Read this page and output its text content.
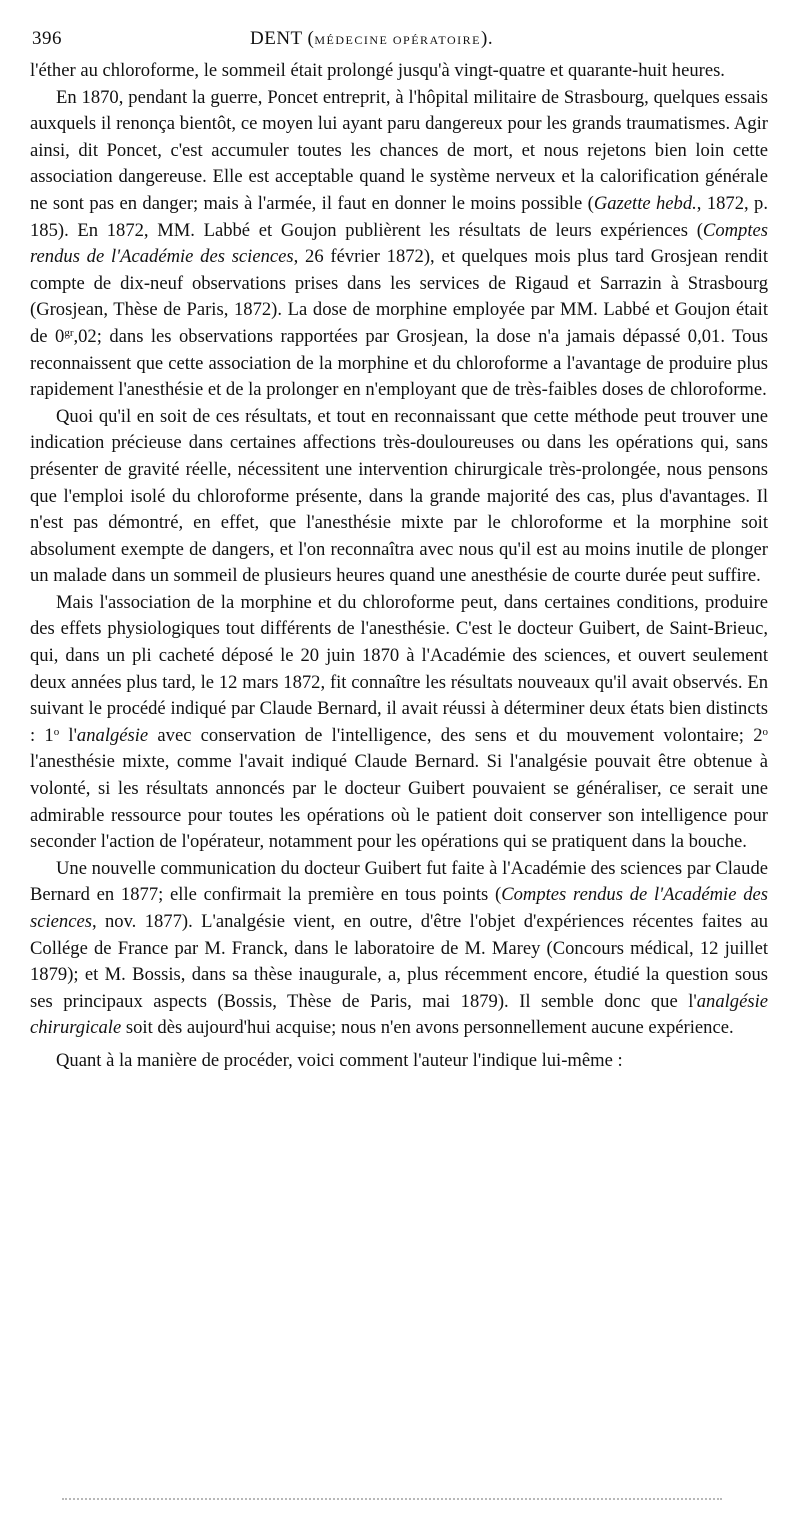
396	DENT (MÉDECINE OPÉRATOIRE).

l'éther au chloroforme, le sommeil était prolongé jusqu'à vingt-quatre et quarante-huit heures.

En 1870, pendant la guerre, Poncet entreprit, à l'hôpital militaire de Strasbourg, quelques essais auxquels il renonça bientôt, ce moyen lui ayant paru dangereux pour les grands traumatismes. Agir ainsi, dit Poncet, c'est accumuler toutes les chances de mort, et nous rejetons bien loin cette association dangereuse. Elle est acceptable quand le système nerveux et la calorification générale ne sont pas en danger; mais à l'armée, il faut en donner le moins possible (Gazette hebd., 1872, p. 185). En 1872, MM. Labbé et Goujon publièrent les résultats de leurs expériences (Comptes rendus de l'Académie des sciences, 26 février 1872), et quelques mois plus tard Grosjean rendit compte de dix-neuf observations prises dans les services de Rigaud et Sarrazin à Strasbourg (Grosjean, Thèse de Paris, 1872). La dose de morphine employée par MM. Labbé et Goujon était de $0^{gr},02$; dans les observations rapportées par Grosjean, la dose n'a jamais dépassé 0,01. Tous reconnaissent que cette association de la morphine et du chloroforme a l'avantage de produire plus rapidement l'anesthésie et de la prolonger en n'employant que de très-faibles doses de chloroforme.

Quoi qu'il en soit de ces résultats, et tout en reconnaissant que cette méthode peut trouver une indication précieuse dans certaines affections très-douloureuses ou dans les opérations qui, sans présenter de gravité réelle, nécessitent une intervention chirurgicale très-prolongée, nous pensons que l'emploi isolé du chloroforme présente, dans la grande majorité des cas, plus d'avantages. Il n'est pas démontré, en effet, que l'anesthésie mixte par le chloroforme et la morphine soit absolument exempte de dangers, et l'on reconnaîtra avec nous qu'il est au moins inutile de plonger un malade dans un sommeil de plusieurs heures quand une anesthésie de courte durée peut suffire.

Mais l'association de la morphine et du chloroforme peut, dans certaines conditions, produire des effets physiologiques tout différents de l'anesthésie. C'est le docteur Guibert, de Saint-Brieuc, qui, dans un pli cacheté déposé le 20 juin 1870 à l'Académie des sciences, et ouvert seulement deux années plus tard, le 12 mars 1872, fit connaître les résultats nouveaux qu'il avait observés. En suivant le procédé indiqué par Claude Bernard, il avait réussi à déterminer deux états bien distincts : 1$^o$ l'analgésie avec conservation de l'intelligence, des sens et du mouvement volontaire; 2$^o$ l'anesthésie mixte, comme l'avait indiqué Claude Bernard. Si l'analgésie pouvait être obtenue à volonté, si les résultats annoncés par le docteur Guibert pouvaient se généraliser, ce serait une admirable ressource pour toutes les opérations où le patient doit conserver son intelligence pour seconder l'action de l'opérateur, notamment pour les opérations qui se pratiquent dans la bouche.

Une nouvelle communication du docteur Guibert fut faite à l'Académie des sciences par Claude Bernard en 1877; elle confirmait la première en tous points (Comptes rendus de l'Académie des sciences, nov. 1877). L'analgésie vient, en outre, d'être l'objet d'expériences récentes faites au Collége de France par M. Franck, dans le laboratoire de M. Marey (Concours médical, 12 juillet 1879); et M. Bossis, dans sa thèse inaugurale, a, plus récemment encore, étudié la question sous ses principaux aspects (Bossis, Thèse de Paris, mai 1879). Il semble donc que l'analgésie chirurgicale soit dès aujourd'hui acquise; nous n'en avons personnellement aucune expérience.

Quant à la manière de procéder, voici comment l'auteur l'indique lui-même :
